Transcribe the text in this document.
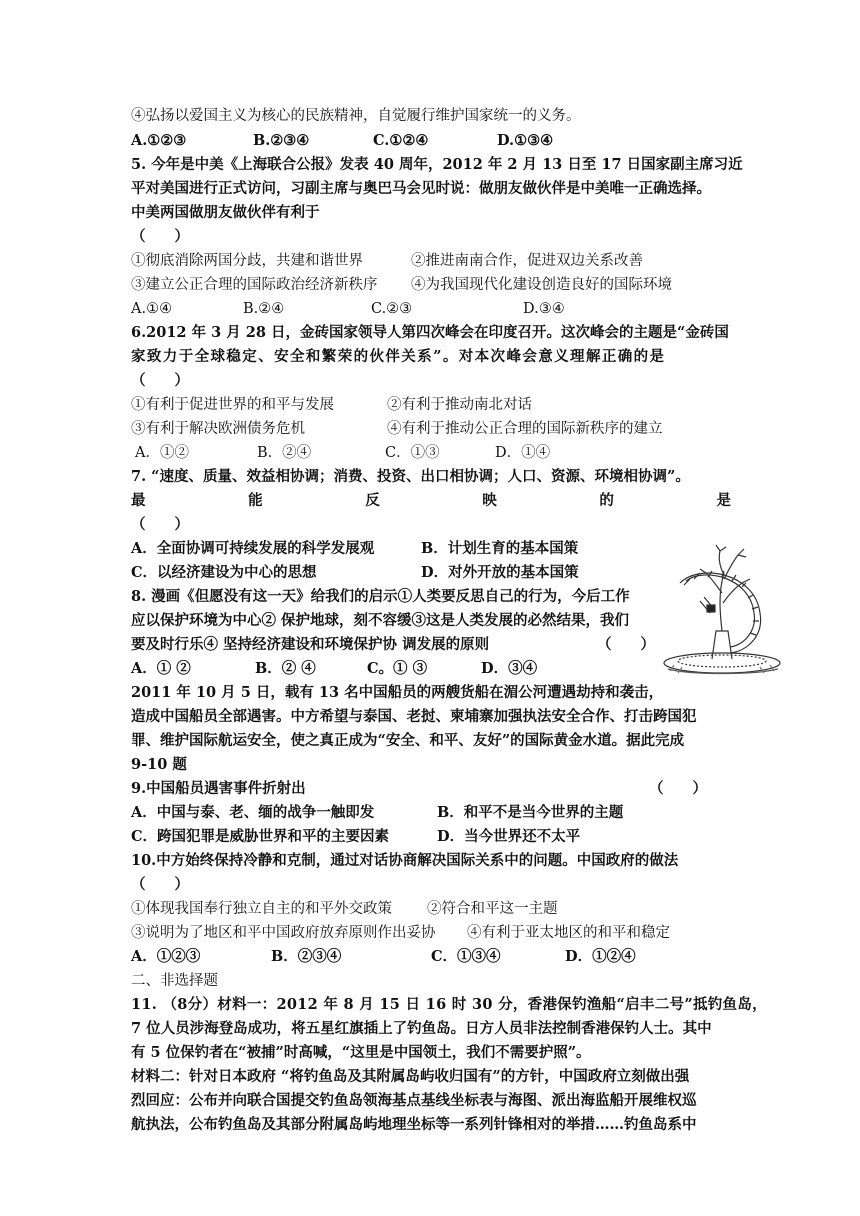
④弘扬以爱国主义为核心的民族精神，自觉履行维护国家统一的义务。
A.①②③	B.②③④	C.①②④	D.①③④
5. 今年是中美《上海联合公报》发表 40 周年，2012 年 2 月 13 日至 17 日国家副主席习近
平对美国进行正式访问，习副主席与奥巴马会见时说：做朋友做伙伴是中美唯一正确选择。
中美两国做朋友做伙伴有利于
（　　）
①彻底消除两国分歧，共建和谐世界	②推进南南合作，促进双边关系改善
③建立公正合理的国际政治经济新秩序	④为我国现代化建设创造良好的国际环境
A.①④	B.②④	C.②③	D.③④
6.2012 年 3 月 28 日，金砖国家领导人第四次峰会在印度召开。这次峰会的主题是“金砖国
家致力于全球稳定、安全和繁荣的伙伴关系”。对本次峰会意义理解正确的是
（　　）
①有利于促进世界的和平与发展	②有利于推动南北对话
③有利于解决欧洲债务危机	④有利于推动公正合理的国际新秩序的建立
A．①②	B．②④	C．①③	D．①④
7. “速度、质量、效益相协调；消费、投资、出口相协调；人口、资源、环境相协调”。
最	能	反	映	的	是
（　　）
A．全面协调可持续发展的科学发展观	B．计划生育的基本国策
C．以经济建设为中心的思想	D．对外开放的基本国策
8. 漫画《但愿没有这一天》给我们的启示①人类要反思自己的行为，今后工作
应以保护环境为中心② 保护地球，刻不容缓③这是人类发展的必然结果，我们
要及时行乐④ 坚持经济建设和环境保护协 调发展的原则	（　　）
A．① ②	B．② ④	C。① ③	D．③④
2011 年 10 月 5 日，载有 13 名中国船员的两艘货船在湄公河遭遇劫持和袭击，
造成中国船员全部遇害。中方希望与泰国、老挝、柬埔寨加强执法安全合作、打击跨国犯
罪、维护国际航运安全，使之真正成为“安全、和平、友好”的国际黄金水道。据此完成
9-10 题
9.中国船员遇害事件折射出	（　　）
A．中国与泰、老、缅的战争一触即发	B．和平不是当今世界的主题
C．跨国犯罪是威胁世界和平的主要因素	D．当今世界还不太平
10.中方始终保持冷静和克制，通过对话协商解决国际关系中的问题。中国政府的做法
（　　）
①体现我国奉行独立自主的和平外交政策	②符合和平这一主题
③说明为了地区和平中国政府放弃原则作出妥协	④有利于亚太地区的和平和稳定
A．①②③	B．②③④	C．①③④	D．①②④
二、非选择题
11. （8分）材料一：2012 年 8 月 15 日 16 时 30 分，香港保钓渔船“启丰二号”抵钓鱼岛，
7 位人员涉海登岛成功，将五星红旗插上了钓鱼岛。日方人员非法控制香港保钓人士。其中
有 5 位保钓者在“被捕”时高喊，“这里是中国领土，我们不需要护照”。
材料二：针对日本政府 “将钓鱼岛及其附属岛屿收归国有”的方针，中国政府立刻做出强
烈回应：公布并向联合国提交钓鱼岛领海基点基线坐标表与海图、派出海监船开展维权巡
航执法，公布钓鱼岛及其部分附属岛屿地理坐标等一系列针锋相对的举措……钓鱼岛系中
